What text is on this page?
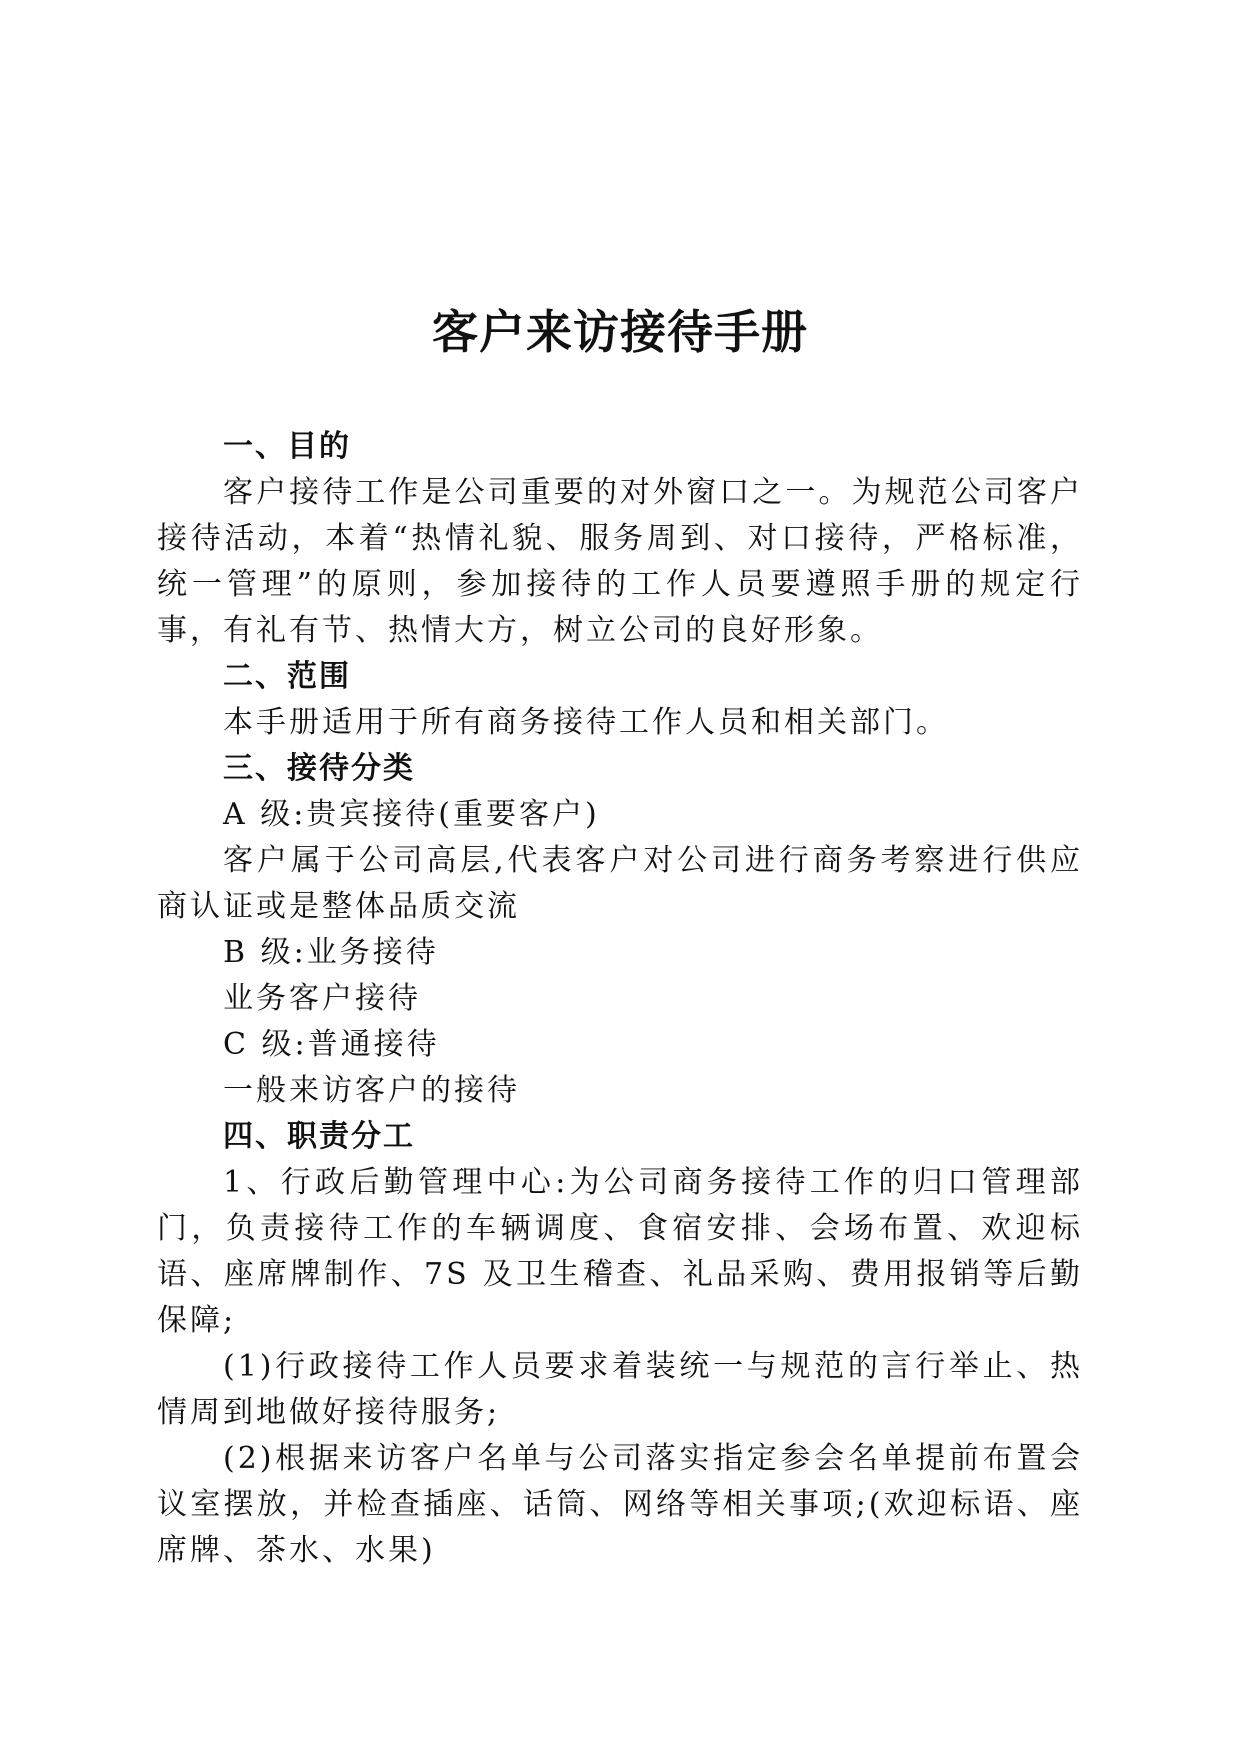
客户来访接待手册

一、目的

客户接待工作是公司重要的对外窗口之一。为规范公司客户接待活动，本着“热情礼貌、服务周到、对口接待，严格标准，统一管理”的原则，参加接待的工作人员要遵照手册的规定行事，有礼有节、热情大方，树立公司的良好形象。

二、范围

本手册适用于所有商务接待工作人员和相关部门。

三、接待分类

A 级:贵宾接待(重要客户)

客户属于公司高层,代表客户对公司进行商务考察进行供应商认证或是整体品质交流

B 级:业务接待

业务客户接待

C 级:普通接待

一般来访客户的接待

四、职责分工

1、行政后勤管理中心:为公司商务接待工作的归口管理部门，负责接待工作的车辆调度、食宿安排、会场布置、欢迎标语、座席牌制作、7S 及卫生稽查、礼品采购、费用报销等后勤保障;

(1)行政接待工作人员要求着装统一与规范的言行举止、热情周到地做好接待服务;

(2)根据来访客户名单与公司落实指定参会名单提前布置会议室摆放，并检查插座、话筒、网络等相关事项;(欢迎标语、座席牌、茶水、水果)
